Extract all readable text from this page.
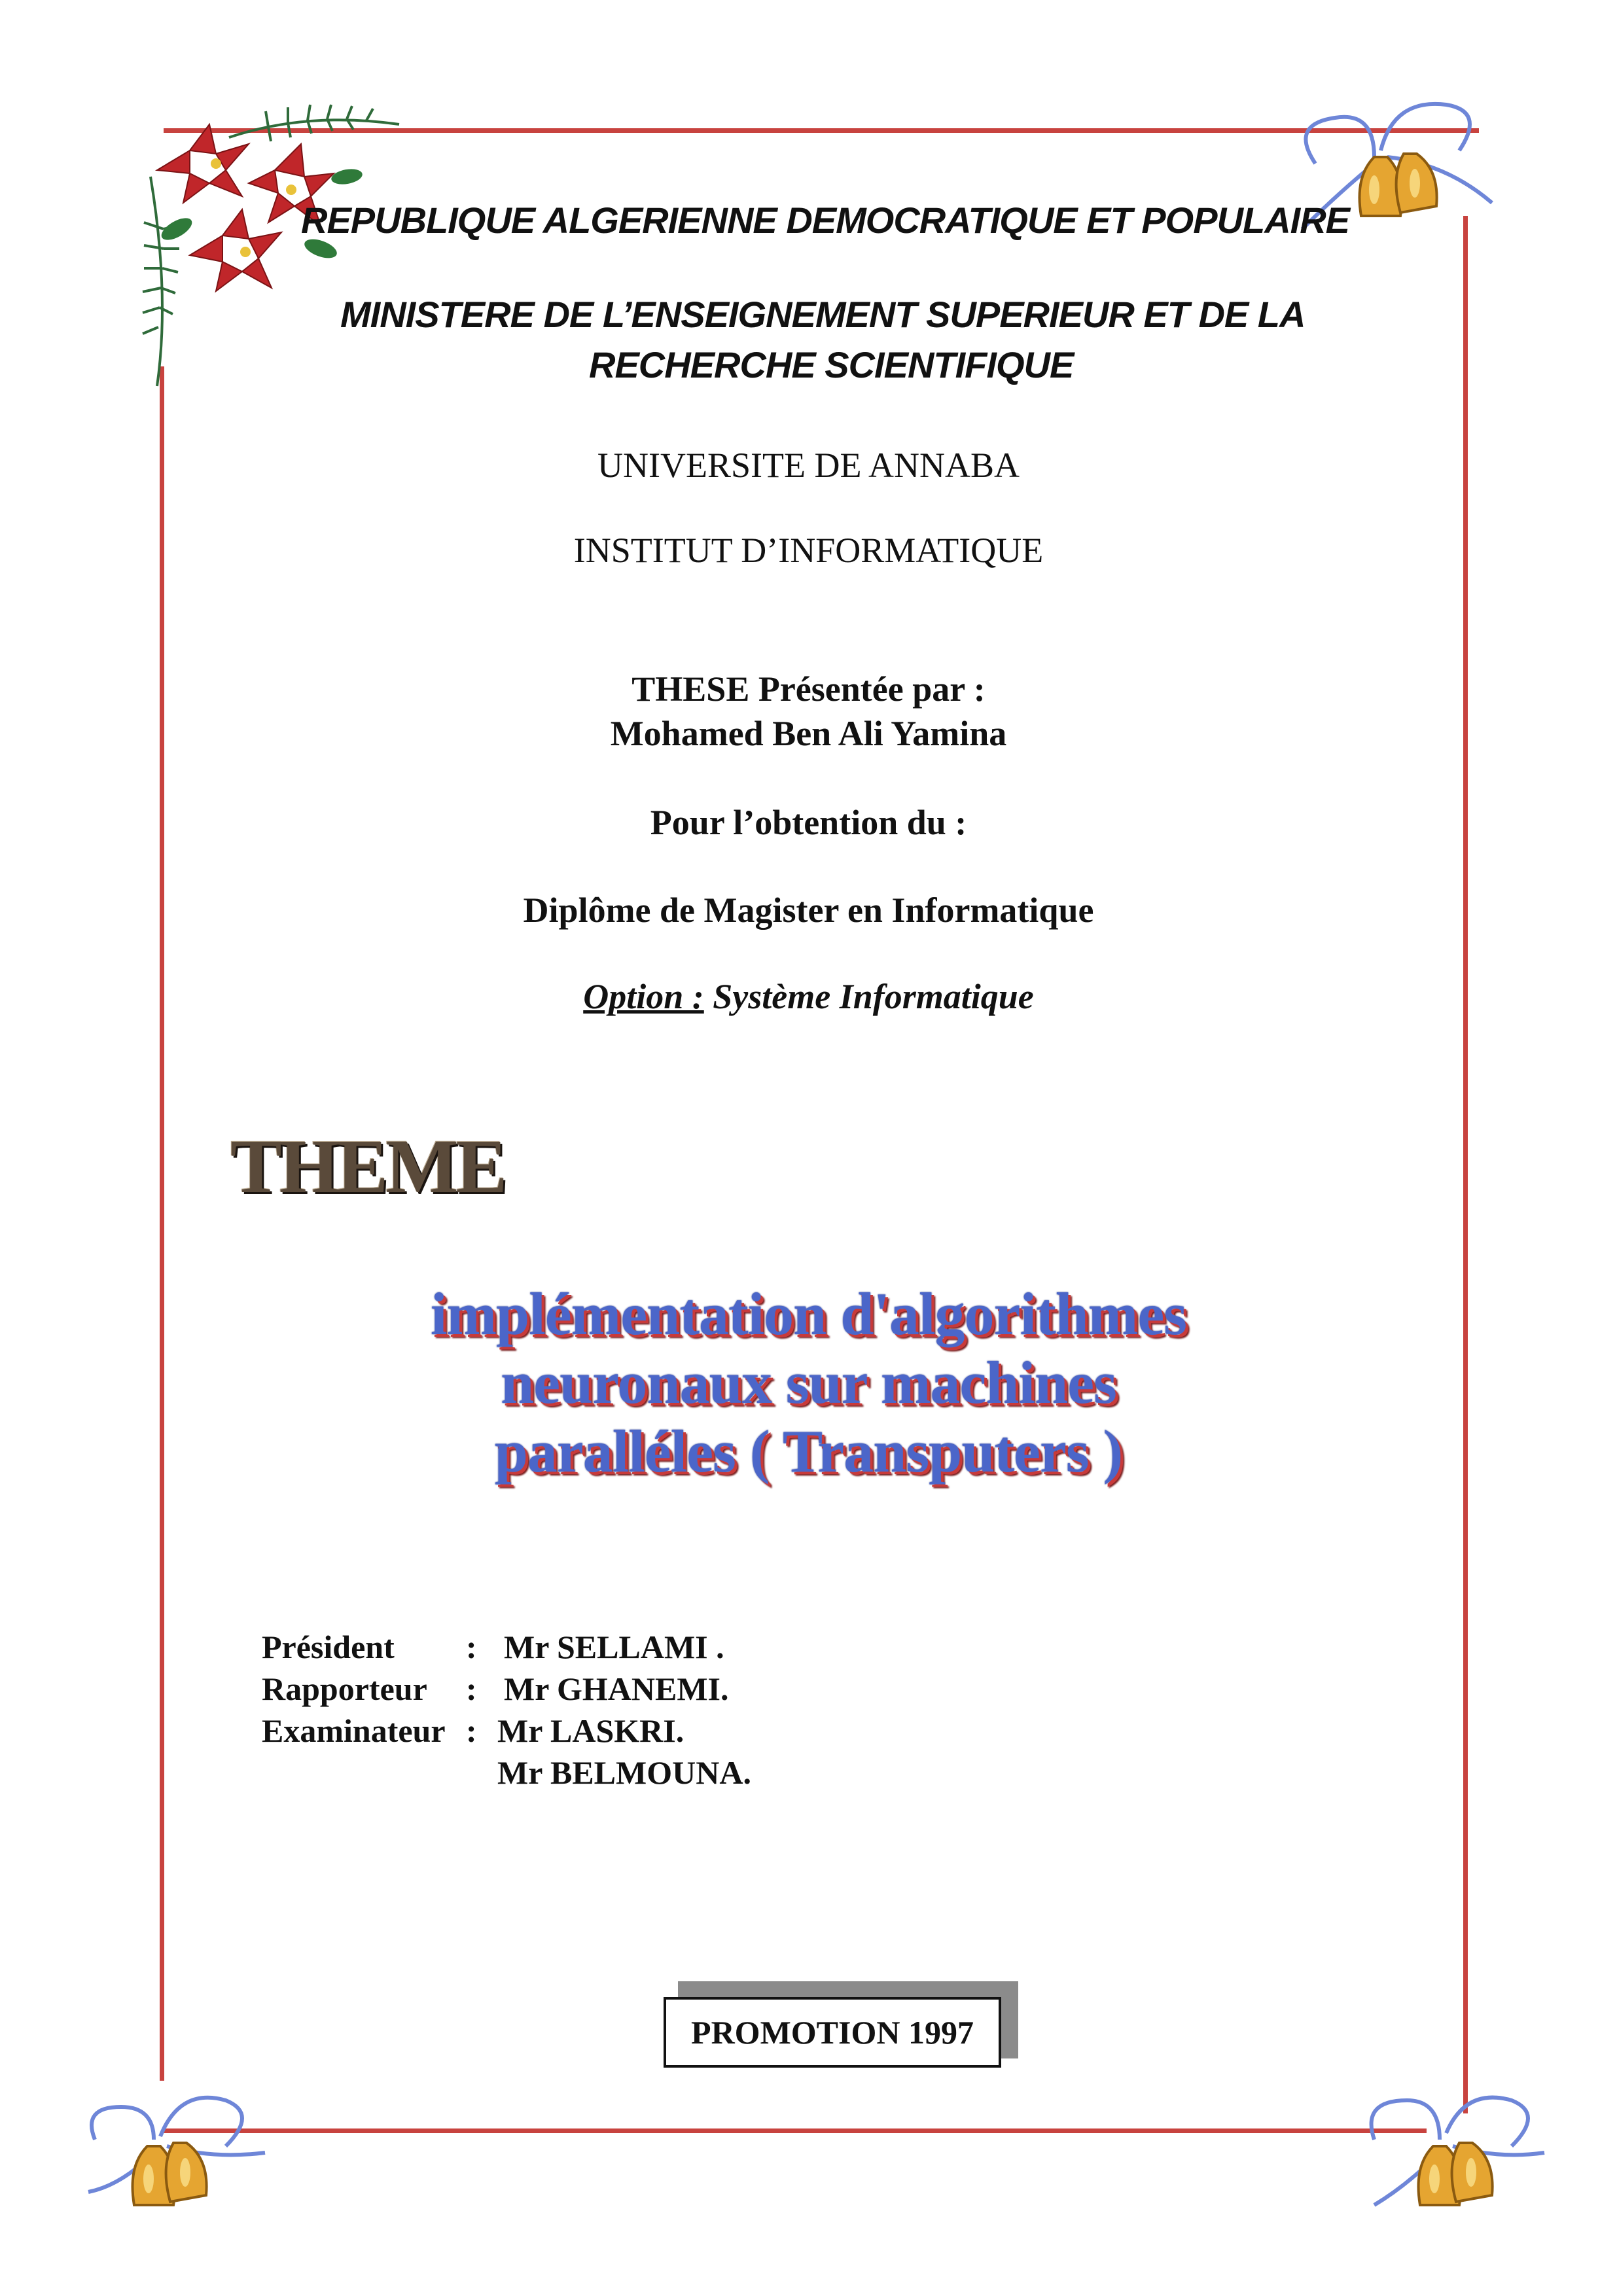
REPUBLIQUE ALGERIENNE DEMOCRATIQUE ET POPULAIRE
MINISTERE DE L’ENSEIGNEMENT SUPERIEUR ET DE LA
RECHERCHE SCIENTIFIQUE
UNIVERSITE DE ANNABA
INSTITUT D’INFORMATIQUE
THESE Présentée par :
Mohamed Ben Ali Yamina
Pour l’obtention du :
Diplôme de Magister en Informatique
Option : Système Informatique
THEME
implémentation d'algorithmes
neuronaux sur machines
paralléles ( Transputers )
Président : Mr SELLAMI .
Rapporteur : Mr GHANEMI.
Examinateur : Mr LASKRI.
Mr BELMOUNA.
PROMOTION 1997
